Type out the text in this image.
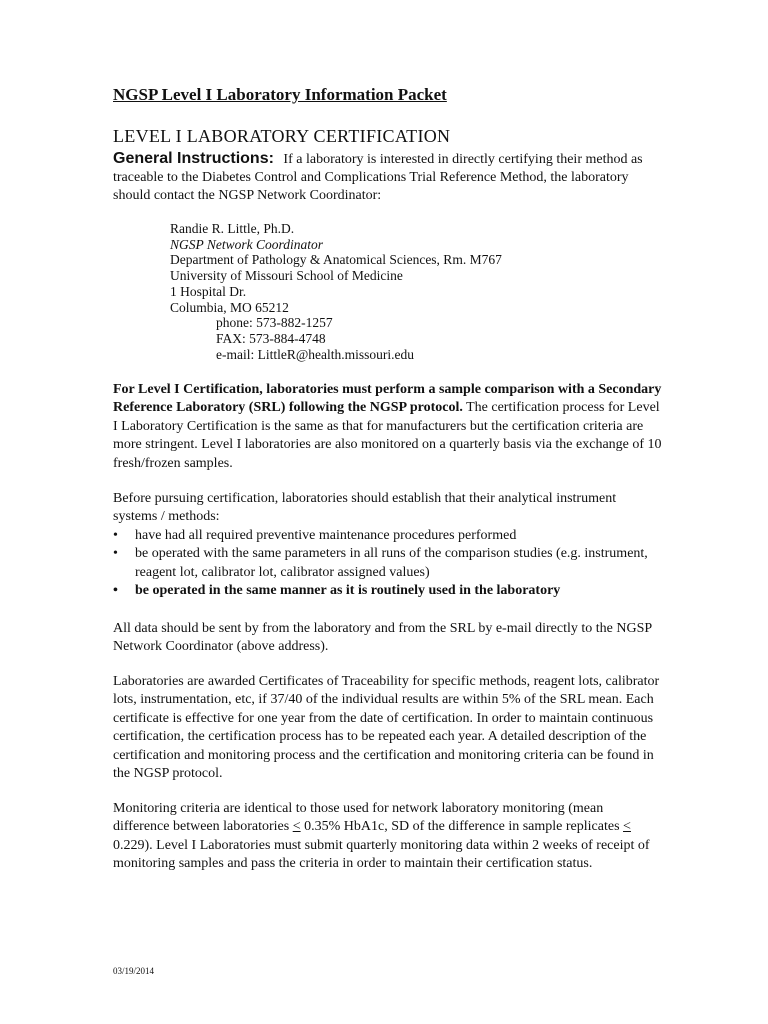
NGSP Level I Laboratory Information Packet
LEVEL I LABORATORY CERTIFICATION
General Instructions: If a laboratory is interested in directly certifying their method as traceable to the Diabetes Control and Complications Trial Reference Method, the laboratory should contact the NGSP Network Coordinator:
Randie R. Little, Ph.D.
NGSP Network Coordinator
Department of Pathology & Anatomical Sciences, Rm. M767
University of Missouri School of Medicine
1 Hospital Dr.
Columbia, MO 65212
phone: 573-882-1257
FAX: 573-884-4748
e-mail: LittleR@health.missouri.edu
For Level I Certification, laboratories must perform a sample comparison with a Secondary Reference Laboratory (SRL) following the NGSP protocol. The certification process for Level I Laboratory Certification is the same as that for manufacturers but the certification criteria are more stringent. Level I laboratories are also monitored on a quarterly basis via the exchange of 10 fresh/frozen samples.
Before pursuing certification, laboratories should establish that their analytical instrument systems / methods:
• have had all required preventive maintenance procedures performed
• be operated with the same parameters in all runs of the comparison studies (e.g. instrument, reagent lot, calibrator lot, calibrator assigned values)
• be operated in the same manner as it is routinely used in the laboratory
All data should be sent by from the laboratory and from the SRL by e-mail directly to the NGSP Network Coordinator (above address).
Laboratories are awarded Certificates of Traceability for specific methods, reagent lots, calibrator lots, instrumentation, etc, if 37/40 of the individual results are within 5% of the SRL mean. Each certificate is effective for one year from the date of certification. In order to maintain continuous certification, the certification process has to be repeated each year. A detailed description of the certification and monitoring process and the certification and monitoring criteria can be found in the NGSP protocol.
Monitoring criteria are identical to those used for network laboratory monitoring (mean difference between laboratories < 0.35% HbA1c, SD of the difference in sample replicates < 0.229). Level I Laboratories must submit quarterly monitoring data within 2 weeks of receipt of monitoring samples and pass the criteria in order to maintain their certification status.
03/19/2014
